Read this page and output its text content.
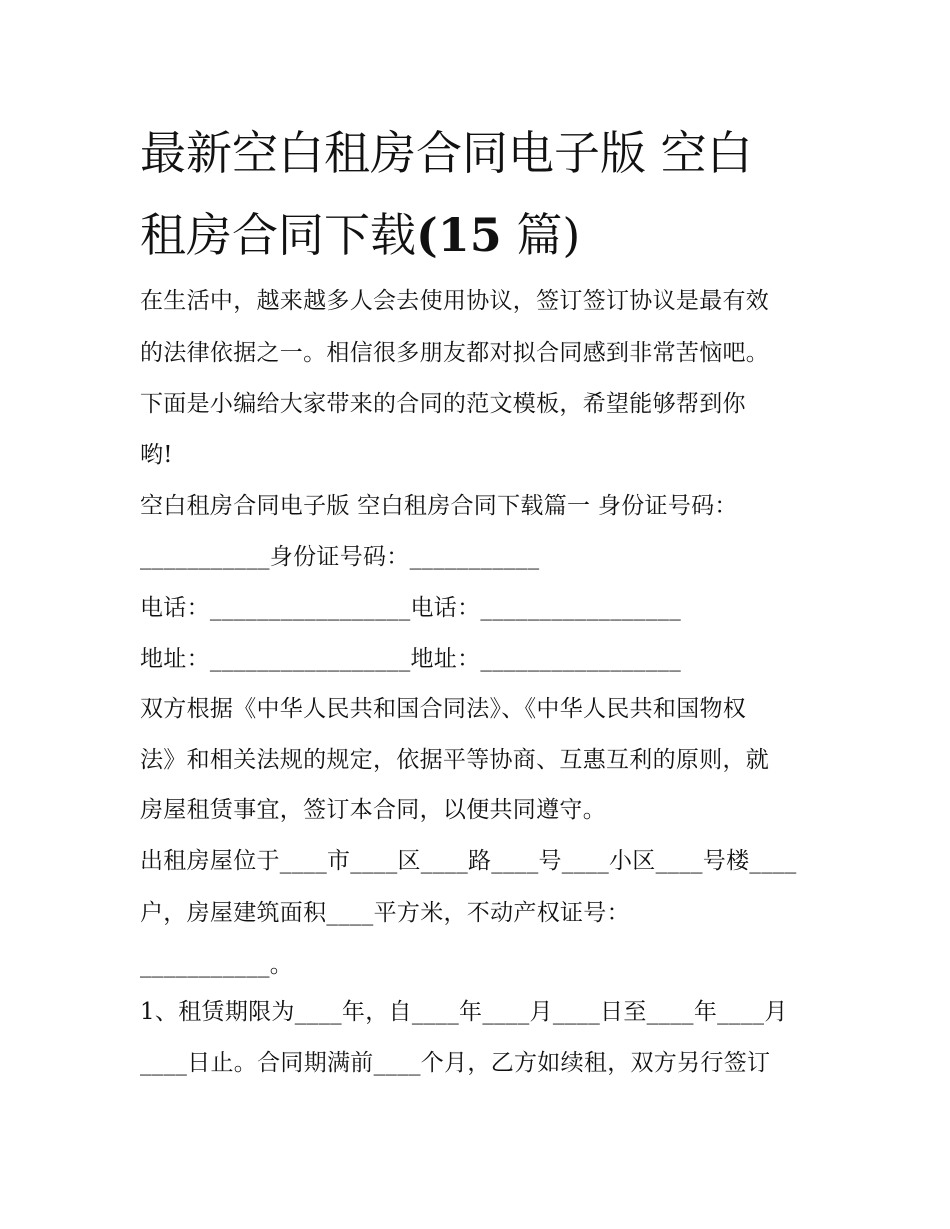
最新空白租房合同电子版 空白
租房合同下载(15 篇)
在生活中，越来越多人会去使用协议，签订签订协议是最有效
的法律依据之一。相信很多朋友都对拟合同感到非常苦恼吧。
下面是小编给大家带来的合同的范文模板，希望能够帮到你
哟!
空白租房合同电子版 空白租房合同下载篇一 身份证号码：
___________身份证号码：___________
电话：_________________电话：_________________
地址：_________________地址：_________________
双方根据《中华人民共和国合同法》、《中华人民共和国物权
法》和相关法规的规定，依据平等协商、互惠互利的原则，就
房屋租赁事宜，签订本合同，以便共同遵守。
出租房屋位于____市____区____路____号____小区____号楼____
户，房屋建筑面积____平方米，不动产权证号：
___________。
1、租赁期限为____年，自____年____月____日至____年____月
____日止。合同期满前____个月，乙方如续租，双方另行签订
